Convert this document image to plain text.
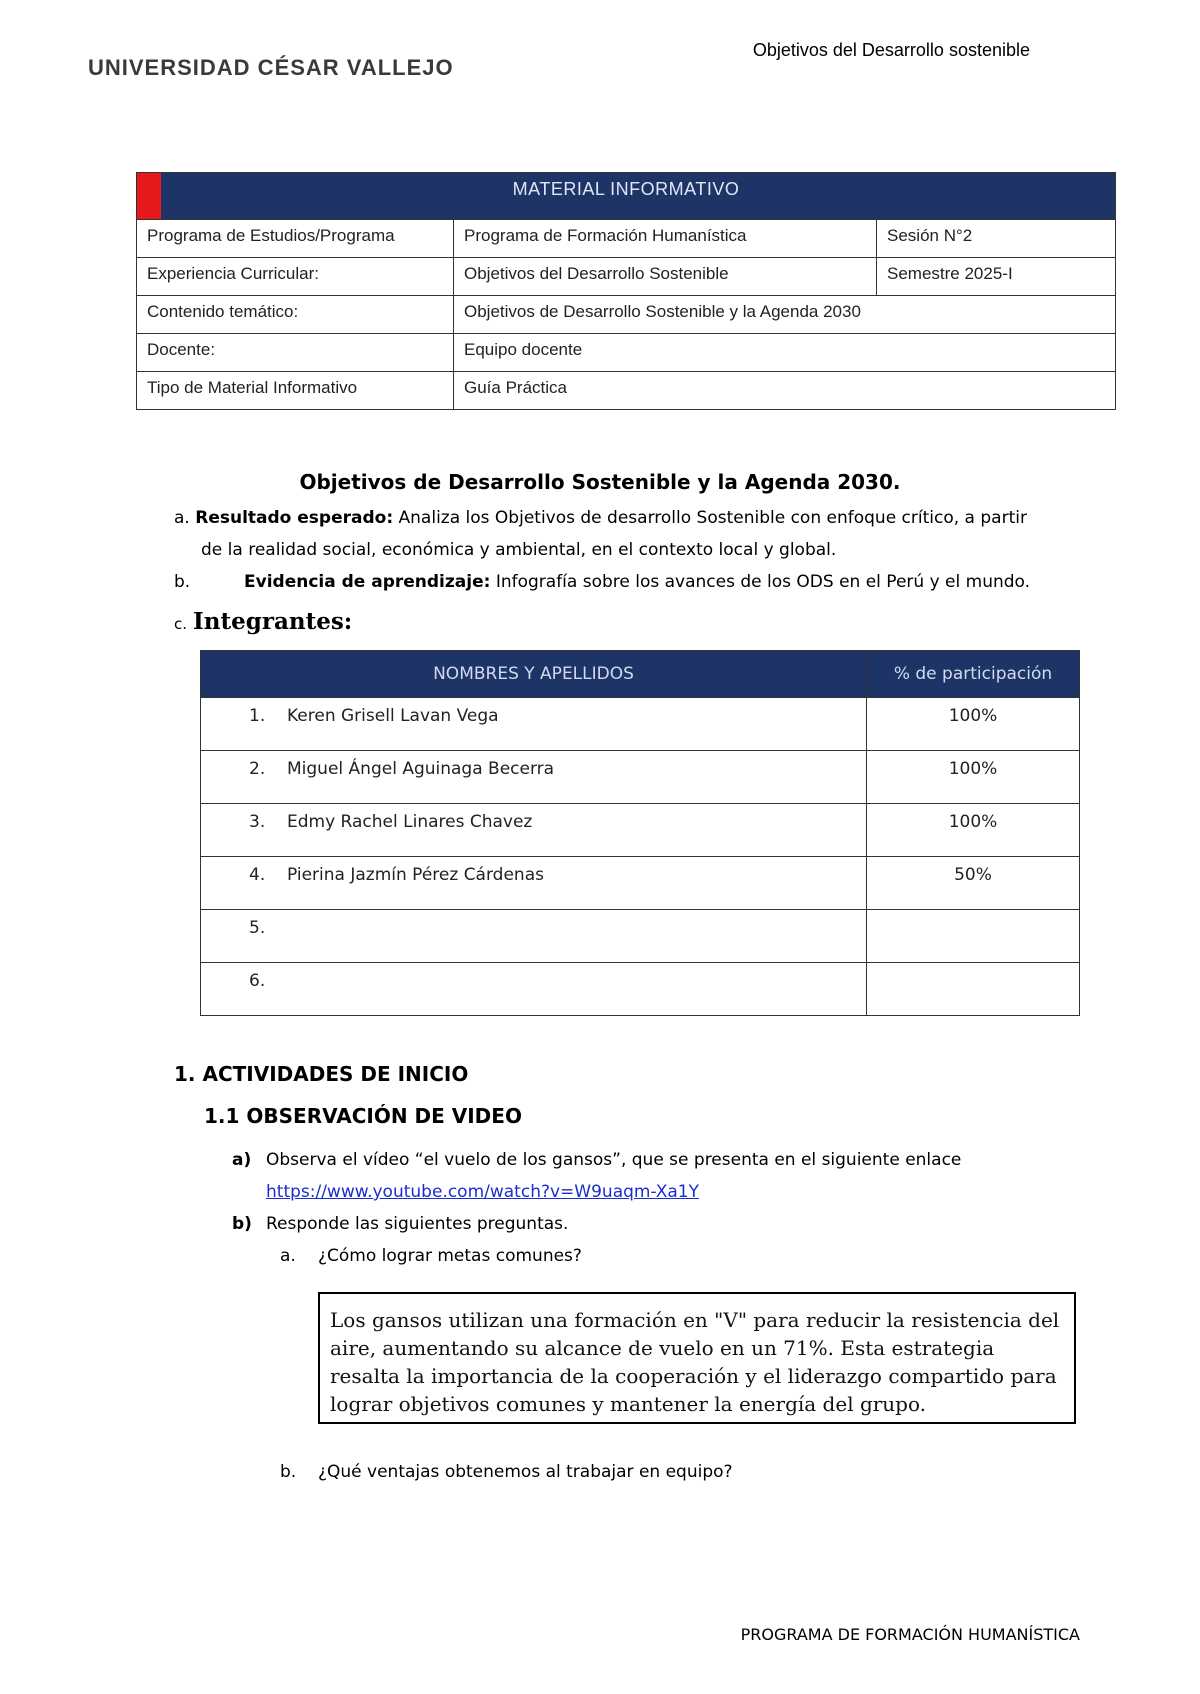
UNIVERSIDAD CÉSAR VALLEJO
Objetivos del Desarrollo sostenible
MATERIAL INFORMATIVO		
Programa de Estudios/Programa	Programa de Formación Humanística	Sesión N°2
Experiencia Curricular:	Objetivos del Desarrollo Sostenible	Semestre 2025-I
Contenido temático:	Objetivos de Desarrollo Sostenible y la Agenda 2030	
Docente:	Equipo docente	
Tipo de Material Informativo	Guía Práctica	
Objetivos de Desarrollo Sostenible y la Agenda 2030.
a. Resultado esperado: Analiza los Objetivos de desarrollo Sostenible con enfoque crítico, a partir
de la realidad social, económica y ambiental, en el contexto local y global.
b.	Evidencia de aprendizaje: Infografía sobre los avances de los ODS en el Perú y el mundo.
c. Integrantes:
NOMBRES Y APELLIDOS	% de participación
1. Keren Grisell Lavan Vega	100%
2. Miguel Ángel Aguinaga Becerra	100%
3. Edmy Rachel Linares Chavez	100%
4. Pierina Jazmín Pérez Cárdenas	50%
5.	
6.	
1. ACTIVIDADES DE INICIO
1.1 OBSERVACIÓN DE VIDEO
a) Observa el vídeo “el vuelo de los gansos”, que se presenta en el siguiente enlace
https://www.youtube.com/watch?v=W9uaqm-Xa1Y
b) Responde las siguientes preguntas.
a. ¿Cómo lograr metas comunes?
Los gansos utilizan una formación en "V" para reducir la resistencia del aire, aumentando su alcance de vuelo en un 71%. Esta estrategia resalta la importancia de la cooperación y el liderazgo compartido para lograr objetivos comunes y mantener la energía del grupo.
b. ¿Qué ventajas obtenemos al trabajar en equipo?
PROGRAMA DE FORMACIÓN HUMANÍSTICA
